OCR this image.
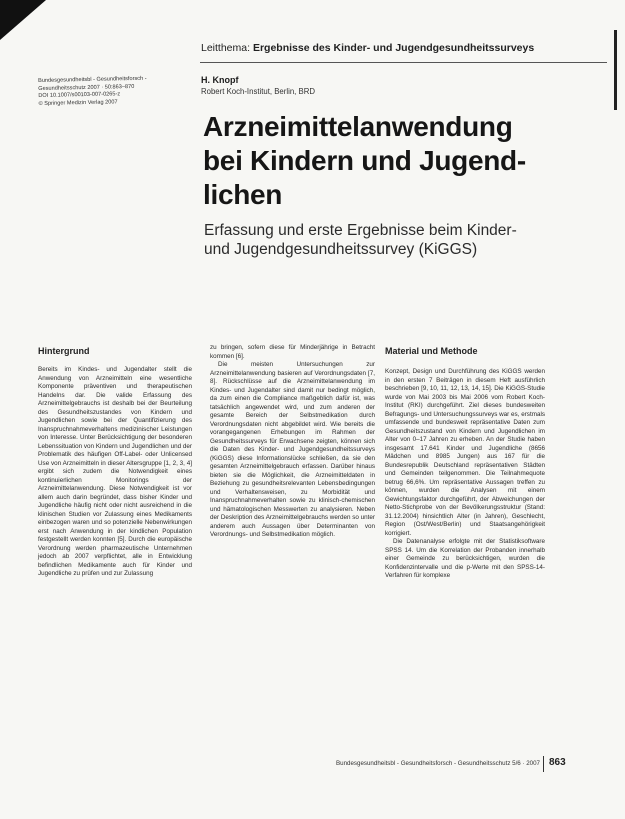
Leitthema: Ergebnisse des Kinder- und Jugendgesundheitssurveys
Bundesgesundheitsbl - Gesundheitsforsch -
Gesundheitsschutz 2007 · 50:863–870
DOI 10.1007/s00103-007-0265-z
© Springer Medizin Verlag 2007
H. Knopf
Robert Koch-Institut, Berlin, BRD
Arzneimittelanwendung
bei Kindern und Jugend-
lichen
Erfassung und erste Ergebnisse beim Kinder-
und Jugendgesundheitssurvey (KiGGS)
Hintergrund	Material und Methode

Bereits im Kindes- und Jugendalter stellt die Anwendung von Arzneimitteln eine wesentliche Komponente präventiven und therapeutischen Handelns dar. Die valide Erfassung des Arzneimittelgebrauchs ist deshalb bei der Beurteilung des Gesundheitszustandes von Kindern und Jugendlichen sowie bei der Quantifizierung des Inanspruchnahmeverhaltens medizinischer Leistungen von Interesse. Unter Berücksichtigung der besonderen Lebenssituation von Kindern und Jugendlichen und der Problematik des häufigen Off-Label- oder Unlicensed Use von Arzneimitteln in dieser Altersgruppe [1, 2, 3, 4] ergibt sich zudem die Notwendigkeit eines kontinuierlichen Monitorings der Arzneimittelanwendung. Diese Notwendigkeit ist vor allem auch darin begründet, dass bisher Kinder und Jugendliche häufig nicht oder nicht ausreichend in die klinischen Studien vor Zulassung eines Medikaments einbezogen waren und so potenzielle Nebenwirkungen erst nach Anwendung in der kindlichen Population festgestellt werden konnten [5]. Durch die europäische Verordnung werden pharmazeutische Unternehmen jedoch ab 2007 verpflichtet, alle in Entwicklung befindlichen Medikamente auch für Kinder und Jugendliche zu prüfen und zur Zulassung

zu bringen, sofern diese für Minderjährige in Betracht kommen [6].

Die meisten Untersuchungen zur Arzneimittelanwendung basieren auf Verordnungsdaten [7, 8]. Rückschlüsse auf die Arzneimittelanwendung im Kindes- und Jugendalter sind damit nur bedingt möglich, da zum einen die Compliance maßgeblich dafür ist, was tatsächlich angewendet wird, und zum anderen der gesamte Bereich der Selbstmedikation durch Verordnungsdaten nicht abgebildet wird. Wie bereits die vorangegangenen Erhebungen im Rahmen der Gesundheitssurveys für Erwachsene zeigten, können sich die Daten des Kinder- und Jugendgesundheitssurveys (KiGGS) diese Informationslücke schließen, da sie den gesamten Arzneimittelgebrauch erfassen. Darüber hinaus bieten sie die Möglichkeit, die Arzneimitteldaten in Beziehung zu gesundheitsrelevanten Lebensbedingungen und Verhaltensweisen, zu Morbidität und Inanspruchnahmeverhalten sowie zu klinisch-chemischen und hämatologischen Messwerten zu analysieren. Neben der Deskription des Arzneimittelgebrauchs werden so unter anderem auch Aussagen über Determinanten von Verordnungs- und Selbstmedikation möglich.

Konzept, Design und Durchführung des KiGGS werden in den ersten 7 Beiträgen in diesem Heft ausführlich beschrieben [9, 10, 11, 12, 13, 14, 15]. Die KiGGS-Studie wurde von Mai 2003 bis Mai 2006 vom Robert Koch-Institut (RKI) durchgeführt. Ziel dieses bundesweiten Befragungs- und Untersuchungssurveys war es, erstmals umfassende und bundesweit repräsentative Daten zum Gesundheitszustand von Kindern und Jugendlichen im Alter von 0–17 Jahren zu erheben. An der Studie haben insgesamt 17.641 Kinder und Jugendliche (8656 Mädchen und 8985 Jungen) aus 167 für die Bundesrepublik Deutschland repräsentativen Städten und Gemeinden teilgenommen. Die Teilnahmequote betrug 66,6%. Um repräsentative Aussagen treffen zu können, wurden die Analysen mit einem Gewichtungsfaktor durchgeführt, der Abweichungen der Netto-Stichprobe von der Bevölkerungsstruktur (Stand: 31.12.2004) hinsichtlich Alter (in Jahren), Geschlecht, Region (Ost/West/Berlin) und Staatsangehörigkeit korrigiert.

Die Datenanalyse erfolgte mit der Statistiksoftware SPSS 14. Um die Korrelation der Probanden innerhalb einer Gemeinde zu berücksichtigen, wurden die Konfidenzintervalle und die p-Werte mit den SPSS-14-Verfahren für komplexe

Bundesgesundheitsbl - Gesundheitsforsch - Gesundheitsschutz 5/6 · 2007 863
